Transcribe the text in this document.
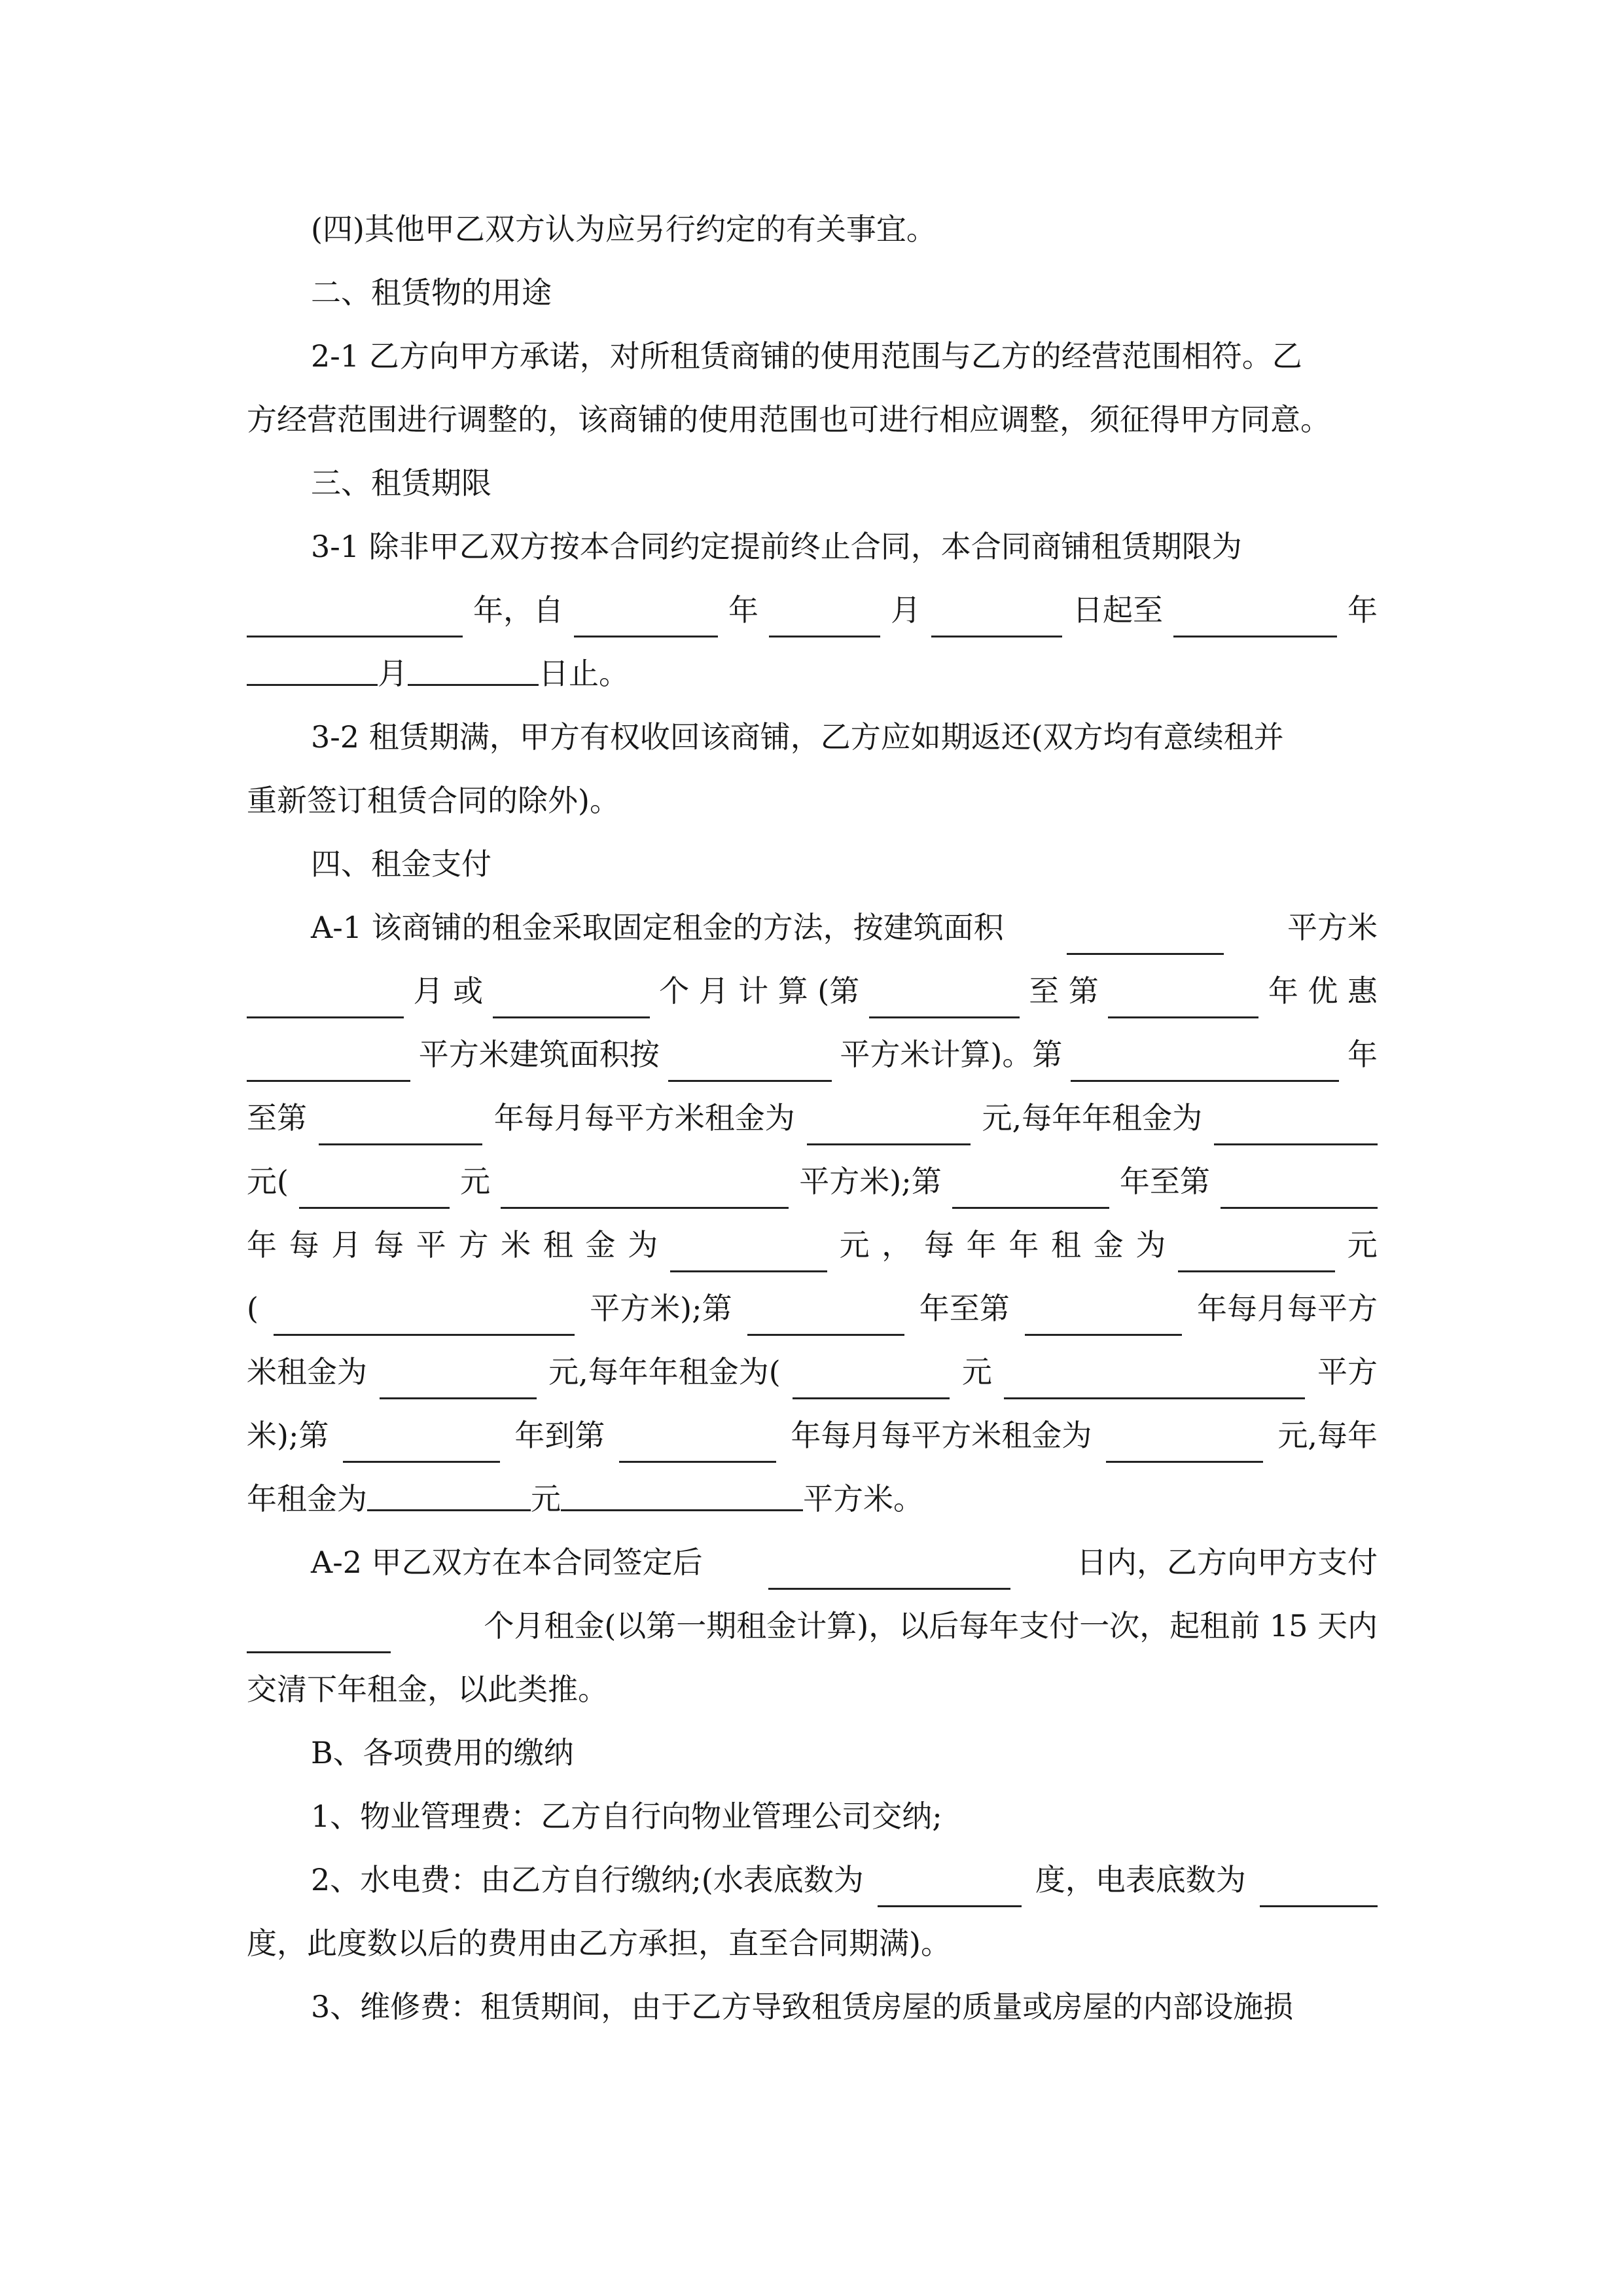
(四)其他甲乙双方认为应另行约定的有关事宜。
二、租赁物的用途
2-1 乙方向甲方承诺，对所租赁商铺的使用范围与乙方的经营范围相符。乙
方经营范围进行调整的，该商铺的使用范围也可进行相应调整，须征得甲方同意。
三、租赁期限
3-1 除非甲乙双方按本合同约定提前终止合同，本合同商铺租赁期限为
年，自	年	月	日起至	年
月	日止。
3-2 租赁期满，甲方有权收回该商铺，乙方应如期返还(双方均有意续租并
重新签订租赁合同的除外)。
四、租金支付
A-1 该商铺的租金采取固定租金的方法，按建筑面积	平方米
月 或	个 月 计 算 (第	至 第	年 优 惠
平方米建筑面积按	平方米计算)。第	年
至第	年每月每平方米租金为	元,每年年租金为
元(	元	平方米);第	年至第
年 每 月 每 平 方 米 租 金 为	元 ， 每 年 年 租 金 为	元
(	平方米);第	年至第	年每月每平方
米租金为	元,每年年租金为(	元	平方
米);第	年到第	年每月每平方米租金为	元,每年
年租金为	元	平方米。
A-2 甲乙双方在本合同签定后	日内，乙方向甲方支付
个月租金(以第一期租金计算)，以后每年支付一次，起租前 15 天内
交清下年租金，以此类推。
B、各项费用的缴纳
1、物业管理费：乙方自行向物业管理公司交纳;
2、水电费：由乙方自行缴纳;(水表底数为	度，电表底数为
度，此度数以后的费用由乙方承担，直至合同期满)。
3、维修费：租赁期间，由于乙方导致租赁房屋的质量或房屋的内部设施损
